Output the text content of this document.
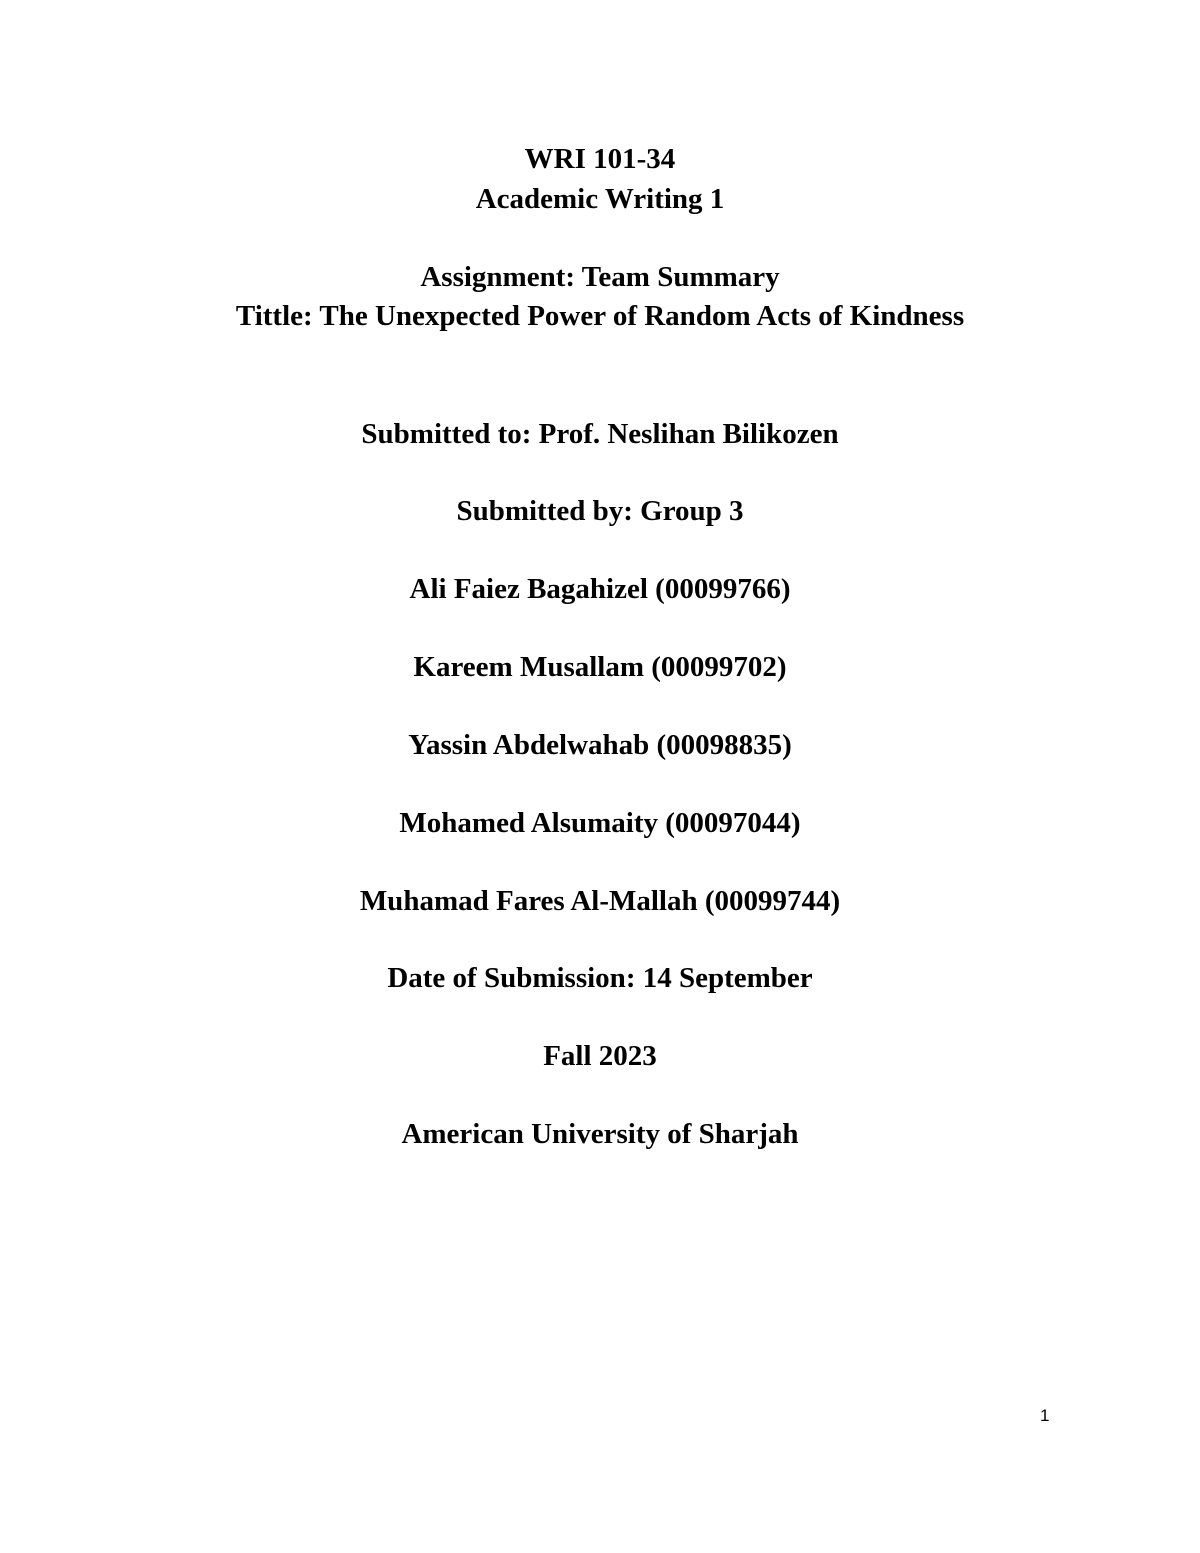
WRI 101-34
Academic Writing 1
Assignment: Team Summary
Tittle: The Unexpected Power of Random Acts of Kindness
Submitted to: Prof. Neslihan Bilikozen
Submitted by: Group 3
Ali Faiez Bagahizel (00099766)
Kareem Musallam (00099702)
Yassin Abdelwahab (00098835)
Mohamed Alsumaity (00097044)
Muhamad Fares Al-Mallah (00099744)
Date of Submission: 14 September
Fall 2023
American University of Sharjah
1
